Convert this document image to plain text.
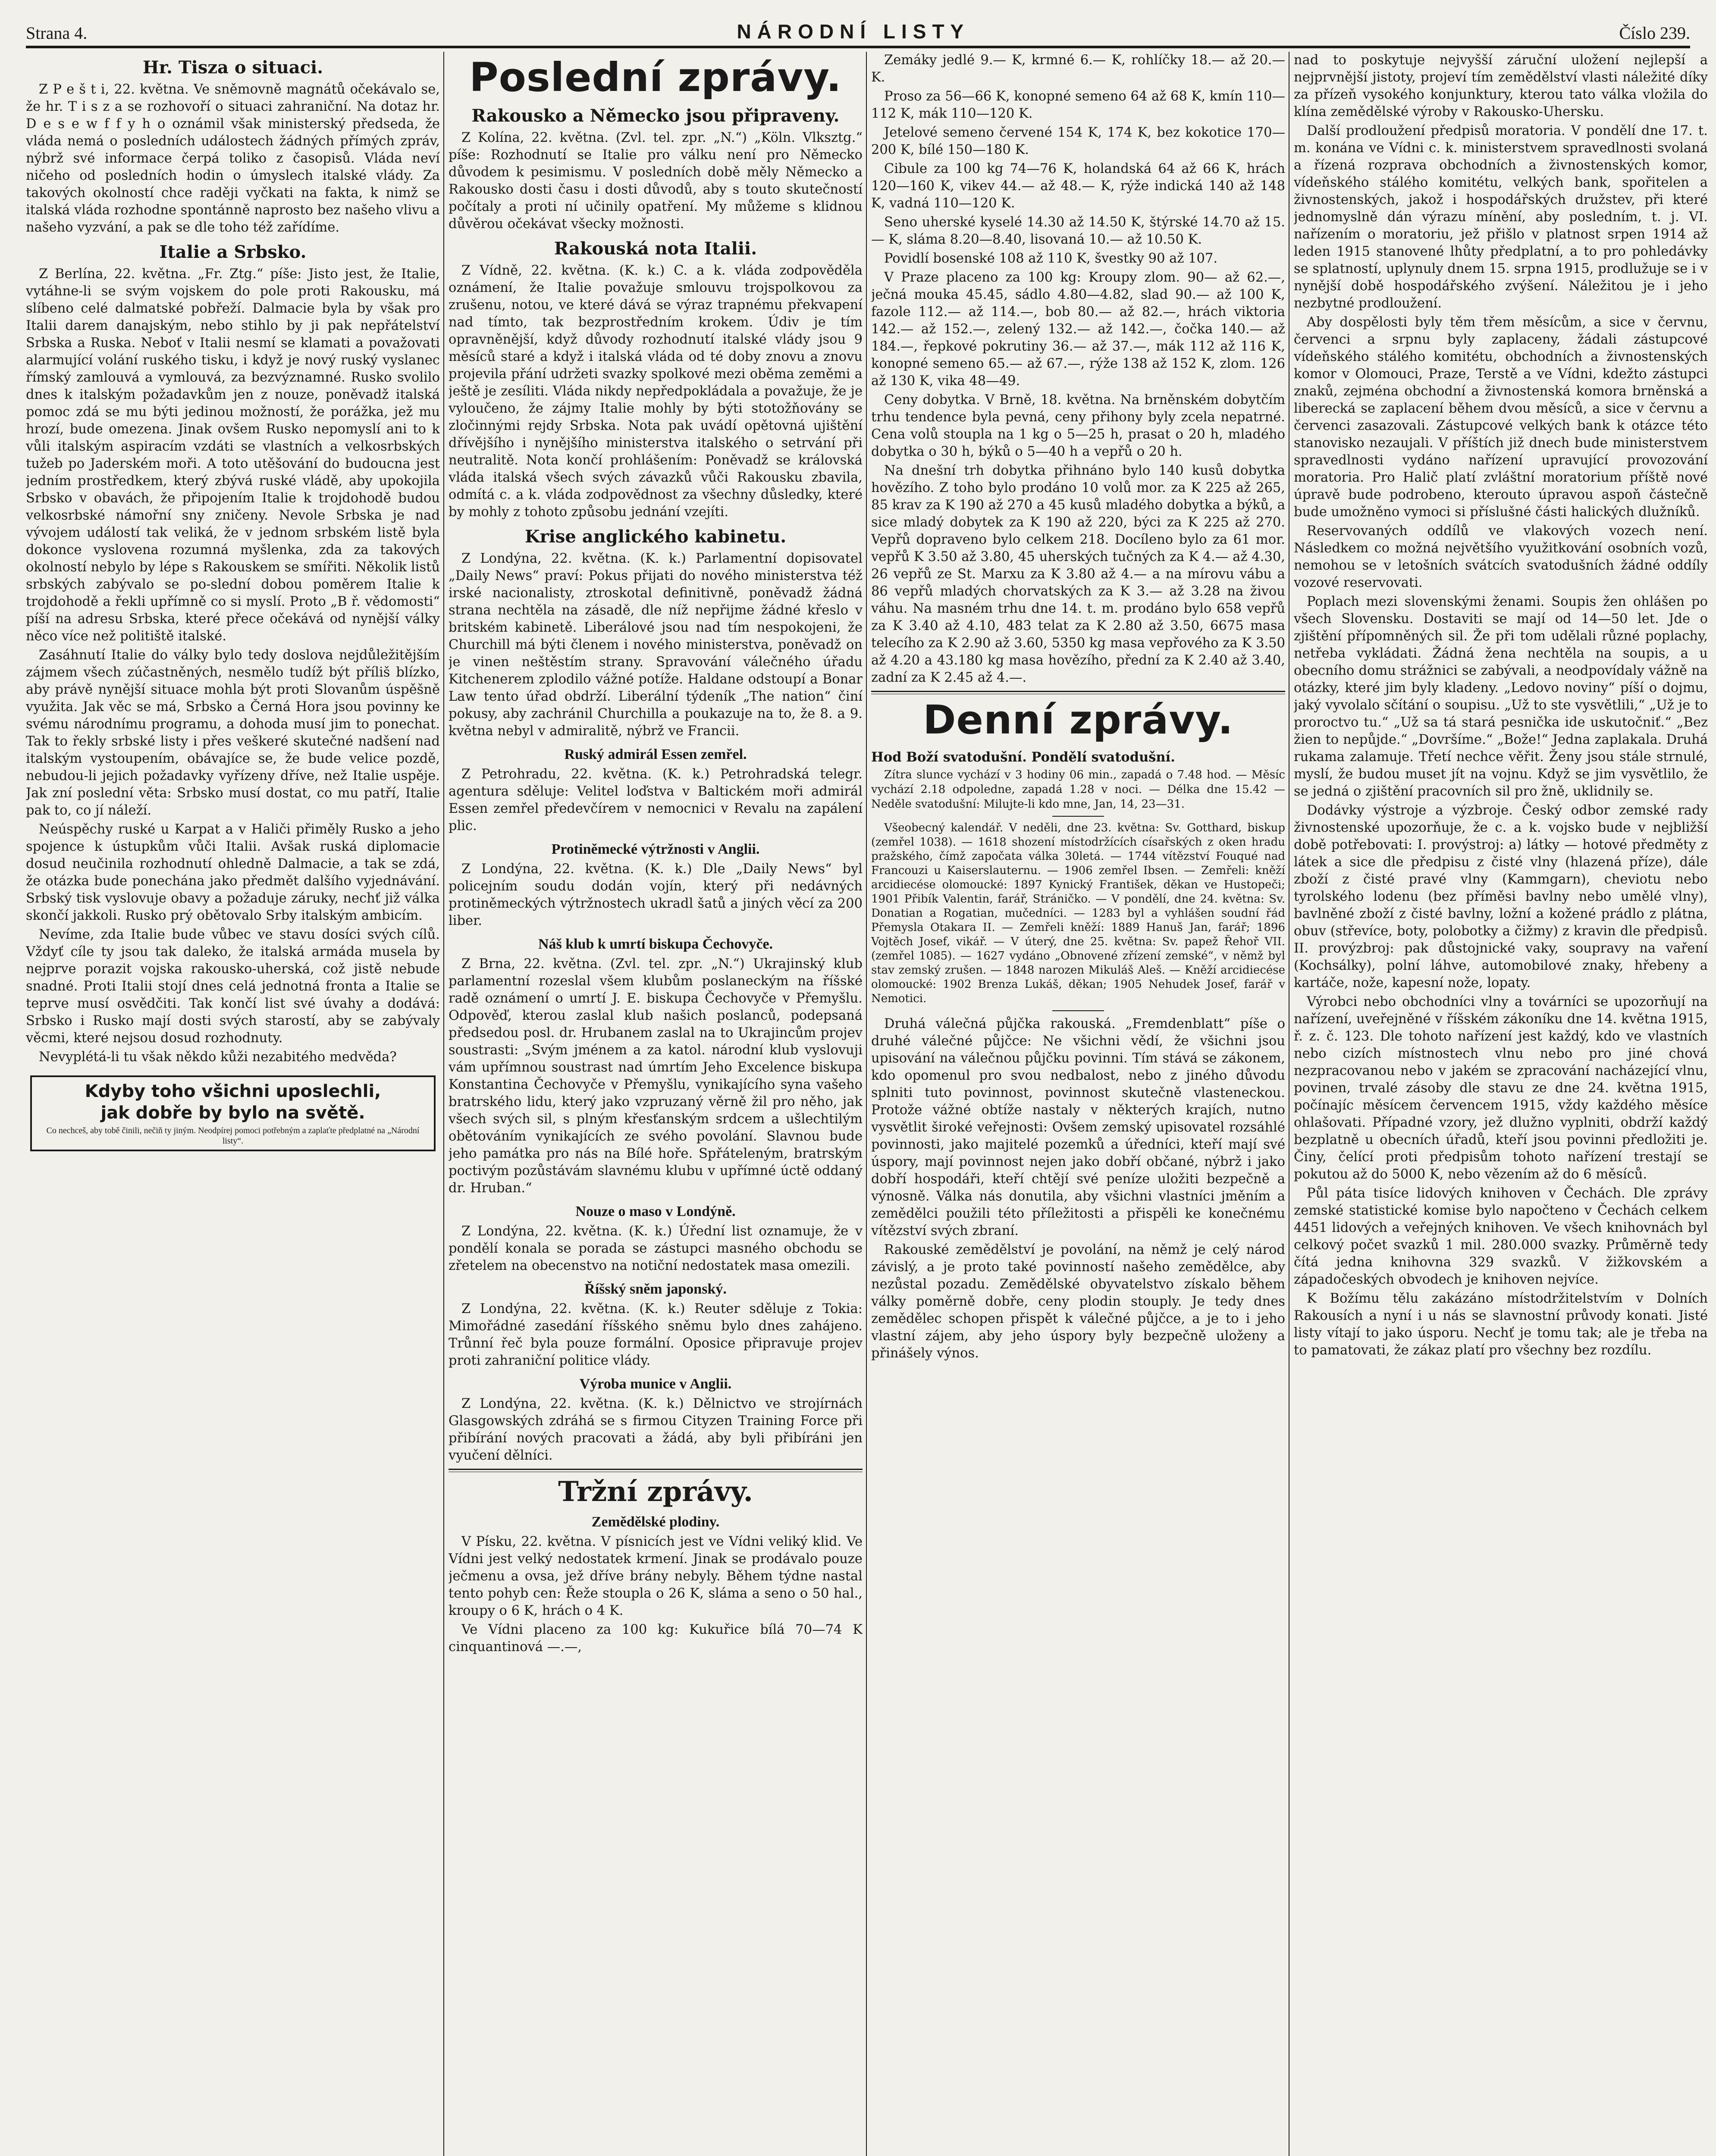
Strana 4.	NÁRODNÍ LISTY	Číslo 239.
Hr. Tisza o situaci.

Z P e š t i, 22. května. Ve sněmovně magnátů očekávalo se, že hr. T i s z a se rozhovoří o situaci zahraniční. Na dotaz hr. D e s e w f f y h o oznámil však ministerský předseda, že vláda nemá o posledních událostech žádných přímých zpráv, nýbrž své informace čerpá toliko z časopisů. Vláda neví ničeho od posledních hodin o úmyslech italské vlády. Za takových okolností chce raději vyčkati na fakta, k nimž se italská vláda rozhodne spontánně naprosto bez našeho vlivu a našeho vyzvání, a pak se dle toho též zařídíme.

Italie a Srbsko.

Z Berlína, 22. května. „Fr. Ztg.“ píše: Jisto jest, že Italie, vytáhne-li se svým vojskem do pole proti Rakousku, má slíbeno celé dalmatské pobřeží. Dalmacie byla by však pro Italii darem danajským, nebo stihlo by ji pak nepřátelství Srbska a Ruska. Neboť v Italii nesmí se klamati a považovati alarmující volání ruského tisku, i když je nový ruský vyslanec římský zamlouvá a vymlouvá, za bezvýznamné. Rusko svolilo dnes k italským požadavkům jen z nouze, poněvadž italská pomoc zdá se mu býti jedinou možností, že porážka, jež mu hrozí, bude omezena. Jinak ovšem Rusko nepomyslí ani to k vůli italským aspiracím vzdáti se vlastních a velkosrbských tužeb po Jaderském moři. A toto utěšování do budoucna jest jedním prostředkem, který zbývá ruské vládě, aby upokojila Srbsko v obavách, že připojením Italie k trojdohodě budou velkosrbské námořní sny zničeny. Nevole Srbska je nad vývojem událostí tak veliká, že v jednom srbském listě byla dokonce vyslovena rozumná myšlenka, zda za takových okolností nebylo by lépe s Rakouskem se smířiti. Několik listů srbských zabývalo se po-slední dobou poměrem Italie k trojdohodě a řekli upřímně co si myslí. Proto „B ř. vědomosti“ píší na adresu Srbska, které přece očekává od nynější války něco více než politiště italské.

Zasáhnutí Italie do války bylo tedy doslova nejdůležitějším zájmem všech zúčastněných, nesmělo tudíž být příliš blízko, aby právě nynější situace mohla být proti Slovanům úspěšně využita. Jak věc se má, Srbsko a Černá Hora jsou povinny ke svému národnímu programu, a dohoda musí jim to ponechat. Tak to řekly srbské listy i přes veškeré skutečné nadšení nad italským vystoupením, obávajíce se, že bude velice pozdě, nebudou-li jejich požadavky vyřízeny dříve, než Italie uspěje. Jak zní poslední věta: Srbsko musí dostat, co mu patří, Italie pak to, co jí náleží.

Neúspěchy ruské u Karpat a v Haliči přiměly Rusko a jeho spojence k ústupkům vůči Italii. Avšak ruská diplomacie dosud neučinila rozhodnutí ohledně Dalmacie, a tak se zdá, že otázka bude ponechána jako předmět dalšího vyjednávání. Srbský tisk vyslovuje obavy a požaduje záruky, nechť již válka skončí jakkoli. Rusko prý obětovalo Srby italským ambicím.

Nevíme, zda Italie bude vůbec ve stavu dosíci svých cílů. Vždyť cíle ty jsou tak daleko, že italská armáda musela by nejprve porazit vojska rakousko-uherská, což jistě nebude snadné. Proti Italii stojí dnes celá jednotná fronta a Italie se teprve musí osvědčiti. Tak končí list své úvahy a dodává: Srbsko i Rusko mají dosti svých starostí, aby se zabývaly věcmi, které nejsou dosud rozhodnuty.

Nevyplétá-li tu však někdo kůži nezabitého medvěda?

Kdyby toho všichni uposlechli,
jak dobře by bylo na světě.
Co nechceš, aby tobě činili, nečiň ty jiným. Neodpírej pomoci potřebným a zaplaťte předplatné na „Národní listy“.
Poslední zprávy.
Rakousko a Německo jsou připraveny.

Z Kolína, 22. května. (Zvl. tel. zpr. „N.“) „Köln. Vlksztg.“ píše: Rozhodnutí se Italie pro válku není pro Německo důvodem k pesimismu. V posledních době měly Německo a Rakousko dosti času i dosti důvodů, aby s touto skutečností počítaly a proti ní učinily opatření. My můžeme s klidnou důvěrou očekávat všecky možnosti.

Rakouská nota Italii.

Z Vídně, 22. května. (K. k.) C. a k. vláda zodpověděla oznámení, že Italie považuje smlouvu trojspolkovou za zrušenu, notou, ve které dává se výraz trapnému překvapení nad tímto, tak bezprostředním krokem. Údiv je tím opravněnější, když důvody rozhodnutí italské vlády jsou 9 měsíců staré a když i italská vláda od té doby znovu a znovu projevila přání udržeti svazky spolkové mezi oběma zeměmi a ještě je zesíliti. Vláda nikdy nepředpokládala a považuje, že je vyloučeno, že zájmy Italie mohly by býti stotožňovány se zločinnými rejdy Srbska. Nota pak uvádí opětovná ujištění dřívějšího i nynějšího ministerstva italského o setrvání při neutralitě. Nota končí prohlášením: Poněvadž se královská vláda italská všech svých závazků vůči Rakousku zbavila, odmítá c. a k. vláda zodpovědnost za všechny důsledky, které by mohly z tohoto způsobu jednání vzejíti.

Krise anglického kabinetu.

Z Londýna, 22. května. (K. k.) Parlamentní dopisovatel „Daily News“ praví: Pokus přijati do nového ministerstva též irské nacionalisty, ztroskotal definitivně, poněvadž žádná strana nechtěla na zásadě, dle níž nepřijme žádné křeslo v britském kabinetě. Liberálové jsou nad tím nespokojeni, že Churchill má býti členem i nového ministerstva, poněvadž on je vinen neštěstím strany. Spravování válečného úřadu Kitchenerem zplodilo vážné potíže. Haldane odstoupí a Bonar Law tento úřad obdrží. Liberální týdeník „The nation“ činí pokusy, aby zachránil Churchilla a poukazuje na to, že 8. a 9. května nebyl v admiralitě, nýbrž ve Francii.

Ruský admirál Essen zemřel.

Z Petrohradu, 22. května. (K. k.) Petrohradská telegr. agentura sděluje: Velitel loďstva v Baltickém moři admirál Essen zemřel předevčírem v nemocnici v Revalu na zapálení plic.

Protiněmecké výtržnosti v Anglii.

Z Londýna, 22. května. (K. k.) Dle „Daily News“ byl policejním soudu dodán vojín, který při nedávných protiněmeckých výtržnostech ukradl šatů a jiných věcí za 200 liber.

Náš klub k umrtí biskupa Čechovyče.

Z Brna, 22. května. (Zvl. tel. zpr. „N.“) Ukrajinský klub parlamentní rozeslal všem klubům poslaneckým na říšské radě oznámení o umrtí J. E. biskupa Čechovyče v Přemyšlu. Odpověď, kterou zaslal klub našich poslanců, podepsaná předsedou posl. dr. Hrubanem zaslal na to Ukrajincům projev soustrasti: „Svým jménem a za katol. národní klub vyslovuji vám upřímnou soustrast nad úmrtím Jeho Excelence biskupa Konstantina Čechovyče v Přemyšlu, vynikajícího syna vašeho bratrského lidu, který jako vzpruzaný věrně žil pro něho, jak všech svých sil, s plným křesťanským srdcem a ušlechtilým obětováním vynikajících ze svého povolání. Slavnou bude jeho památka pro nás na Bílé hoře. Spřáteleným, bratrským poctivým pozůstávám slavnému klubu v upřímné úctě oddaný dr. Hruban.“

Nouze o maso v Londýně.

Z Londýna, 22. května. (K. k.) Úřední list oznamuje, že v pondělí konala se porada se zástupci masného obchodu se zřetelem na obecenstvo na notiční nedostatek masa omezili.

Říšský sněm japonský.

Z Londýna, 22. května. (K. k.) Reuter sděluje z Tokia: Mimořádné zasedání říšského sněmu bylo dnes zahájeno. Trůnní řeč byla pouze formální. Oposice připravuje projev proti zahraniční politice vlády.

Výroba munice v Anglii.

Z Londýna, 22. května. (K. k.) Dělnictvo ve strojírnách Glasgowských zdráhá se s firmou Cityzen Training Force při přibírání nových pracovati a žádá, aby byli přibíráni jen vyučení dělníci.

Tržní zprávy.
Zemědělské plodiny.

V Písku, 22. května. V písnicích jest ve Vídni veliký klid. Ve Vídni jest velký nedostatek krmení. Jinak se prodávalo pouze ječmenu a ovsa, jež dříve brány nebyly. Během týdne nastal tento pohyb cen: Řeže stoupla o 26 K, sláma a seno o 50 hal., kroupy o 6 K, hrách o 4 K.

Ve Vídni placeno za 100 kg: Kukuřice bílá 70—74 K cinquantinová —.—,

Zemáky jedlé 9.— K, krmné 6.— K, rohlíčky 18.— až 20.— K.

Proso za 56—66 K, konopné semeno 64 až 68 K, kmín 110—112 K, mák 110—120 K.

Jetelové semeno červené 154 K, 174 K, bez kokotice 170—200 K, bílé 150—180 K.

Cibule za 100 kg 74—76 K, holandská 64 až 66 K, hrách 120—160 K, vikev 44.— až 48.— K, rýže indická 140 až 148 K, vadná 110—120 K.

Seno uherské kyselé 14.30 až 14.50 K, štýrské 14.70 až 15.— K, sláma 8.20—8.40, lisovaná 10.— až 10.50 K.

Povidlí bosenské 108 až 110 K, švestky 90 až 107.

V Praze placeno za 100 kg: Kroupy zlom. 90— až 62.—, ječná mouka 45.45, sádlo 4.80—4.82, slad 90.— až 100 K, fazole 112.— až 114.—, bob 80.— až 82.—, hrách viktoria 142.— až 152.—, zelený 132.— až 142.—, čočka 140.— až 184.—, řepkové pokrutiny 36.— až 37.—, mák 112 až 116 K, konopné semeno 65.— až 67.—, rýže 138 až 152 K, zlom. 126 až 130 K, vika 48—49.

Ceny dobytka. V Brně, 18. května. Na brněnském dobytčím trhu tendence byla pevná, ceny přihony byly zcela nepatrné. Cena volů stoupla na 1 kg o 5—25 h, prasat o 20 h, mladého dobytka o 30 h, býků o 5—40 h a vepřů o 20 h.

Na dnešní trh dobytka přihnáno bylo 140 kusů dobytka hovězího. Z toho bylo prodáno 10 volů mor. za K 225 až 265, 85 krav za K 190 až 270 a 45 kusů mladého dobytka a býků, a sice mladý dobytek za K 190 až 220, býci za K 225 až 270. Vepřů dopraveno bylo celkem 218. Docíleno bylo za 61 mor. vepřů K 3.50 až 3.80, 45 uherských tučných za K 4.— až 4.30, 26 vepřů ze St. Marxu za K 3.80 až 4.— a na mírovu vábu a 86 vepřů mladých chorvatských za K 3.— až 3.28 na živou váhu. Na masném trhu dne 14. t. m. prodáno bylo 658 vepřů za K 3.40 až 4.10, 483 telat za K 2.80 až 3.50, 6675 masa telecího za K 2.90 až 3.60, 5350 kg masa vepřového za K 3.50 až 4.20 a 43.180 kg masa hovězího, přední za K 2.40 až 3.40, zadní za K 2.45 až 4.—.

Denní zprávy.

Hod Boží svatodušní. Pondělí svatodušní.

Zítra slunce vychází v 3 hodiny 06 min., zapadá o 7.48 hod. — Měsíc vychází 2.18 odpoledne, zapadá 1.28 v noci. — Délka dne 15.42 — Neděle svatodušní: Milujte-li kdo mne, Jan, 14, 23—31.

Všeobecný kalendář. V neděli, dne 23. května: Sv. Gotthard, biskup (zemřel 1038). — 1618 shození místodržících císařských z oken hradu pražského, čímž započata válka 30letá. — 1744 vítězství Fouqué nad Francouzi u Kaiserslauternu. — 1906 zemřel Ibsen. — Zemřeli: kněží arcidiecése olomoucké: 1897 Kynický František, děkan ve Hustopeči; 1901 Přibík Valentin, farář, Stráničko. — V pondělí, dne 24. května: Sv. Donatian a Rogatian, mučedníci. — 1283 byl a vyhlášen soudní řád Přemysla Otakara II. — Zemřeli kněží: 1889 Hanuš Jan, farář; 1896 Vojtěch Josef, vikář. — V úterý, dne 25. května: Sv. papež Řehoř VII. (zemřel 1085). — 1627 vydáno „Obnovené zřízení zemské“, v němž byl stav zemský zrušen. — 1848 narozen Mikuláš Aleš. — Kněží arcidiecése olomoucké: 1902 Brenza Lukáš, děkan; 1905 Nehudek Josef, farář v Nemotici.

Druhá válečná půjčka rakouská. „Fremdenblatt“ píše o druhé válečné půjčce: Ne všichni vědí, že všichni jsou upisování na válečnou půjčku povinni. Tím stává se zákonem, kdo opomenul pro svou nedbalost, nebo z jiného důvodu splniti tuto povinnost, povinnost skutečně vlasteneckou. Protože vážné obtíže nastaly v některých krajích, nutno vysvětlit široké veřejnosti: Ovšem zemský upisovatel rozsáhlé povinnosti, jako majitelé pozemků a úředníci, kteří mají své úspory, mají povinnost nejen jako dobří občané, nýbrž i jako dobří hospodáři, kteří chtějí své peníze uložiti bezpečně a výnosně. Válka nás donutila, aby všichni vlastníci jměním a zemědělci použili této příležitosti a přispěli ke konečnému vítězství svých zbraní.

Rakouské zemědělství je povolání, na němž je celý národ závislý, a je proto také povinností našeho zemědělce, aby nezůstal pozadu. Zemědělské obyvatelstvo získalo během války poměrně dobře, ceny plodin stouply. Je tedy dnes zemědělec schopen přispět k válečné půjčce, a je to i jeho vlastní zájem, aby jeho úspory byly bezpečně uloženy a přinášely výnos.

nad to poskytuje nejvyšší záruční uložení nejlepší a nejprvnější jistoty, projeví tím zemědělství vlasti náležité díky za přízeň vysokého konjunktury, kterou tato válka vložila do klína zemědělské výroby v Rakousko-Uhersku.

Další prodloužení předpisů moratoria. V pondělí dne 17. t. m. konána ve Vídni c. k. ministerstvem spravedlnosti svolaná a řízená rozprava obchodních a živnostenských komor, vídeňského stálého komitétu, velkých bank, spořitelen a živnostenských, jakož i hospodářských družstev, při které jednomyslně dán výrazu mínění, aby posledním, t. j. VI. nařízením o moratoriu, jež přišlo v platnost srpen 1914 až leden 1915 stanovené lhůty předplatní, a to pro pohledávky se splatností, uplynuly dnem 15. srpna 1915, prodlužuje se i v nynější době hospodářského zvýšení. Náležitou je i jeho nezbytné prodloužení.

Aby dospělosti byly těm třem měsícům, a sice v červnu, červenci a srpnu byly zaplaceny, žádali zástupcové vídeňského stálého komitétu, obchodních a živnostenských komor v Olomouci, Praze, Terstě a ve Vídni, kdežto zástupci znaků, zejména obchodní a živnostenská komora brněnská a liberecká se zaplacení během dvou měsíců, a sice v červnu a červenci zasazovali. Zástupcové velkých bank k otázce této stanovisko nezaujali. V příštích již dnech bude ministerstvem spravedlnosti vydáno nařízení upravující provozování moratoria. Pro Halič platí zvláštní moratorium příště nové úpravě bude podrobeno, kterouto úpravou aspoň částečně bude umožněno vymoci si příslušné části halických dlužníků.

Reservovaných oddílů ve vlakových vozech není. Následkem co možná největšího využitkování osobních vozů, nemohou se v letošních svátcích svatodušních žádné oddíly vozové reservovati.

Poplach mezi slovenskými ženami. Soupis žen ohlášen po všech Slovensku. Dostaviti se mají od 14—50 let. Jde o zjištění přípomněných sil. Že při tom udělali různé poplachy, netřeba vykládati. Žádná žena nechtěla na soupis, a u obecního domu strážnici se zabývali, a neodpovídaly vážně na otázky, které jim byly kladeny. „Ledovo noviny“ píší o dojmu, jaký vyvolalo sčítání o soupisu. „Už to ste vysvětlili,“ „Už je to proroctvo tu.“ „Už sa tá stará pesnička ide uskutočniť.“ „Bez žien to nepůjde.“ „Dovršíme.“ „Bože!“ Jedna zaplakala. Druhá rukama zalamuje. Třetí nechce věřit. Ženy jsou stále strnulé, myslí, že budou muset jít na vojnu. Když se jim vysvětlilo, že se jedná o zjištění pracovních sil pro žně, uklidnily se.

Dodávky výstroje a výzbroje. Český odbor zemské rady živnostenské upozorňuje, že c. a k. vojsko bude v nejbližší době potřebovati: I. provýstroj: a) látky — hotové předměty z látek a sice dle předpisu z čisté vlny (hlazená příze), dále zboží z čisté pravé vlny (Kammgarn), cheviotu nebo tyrolského lodenu (bez příměsi bavlny nebo umělé vlny), bavlněné zboží z čisté bavlny, ložní a kožené prádlo z plátna, obuv (střevíce, boty, polobotky a čižmy) z kravin dle předpisů. II. provýzbroj: pak důstojnické vaky, soupravy na vaření (Kochsálky), polní láhve, automobilové znaky, hřebeny a kartáče, nože, kapesní nože, lopaty.

Výrobci nebo obchodníci vlny a továrníci se upozorňují na nařízení, uveřejněné v říšském zákoníku dne 14. května 1915, ř. z. č. 123. Dle tohoto nařízení jest každý, kdo ve vlastních nebo cizích místnostech vlnu nebo pro jiné chová nezpracovanou nebo v jakém se zpracování nacházející vlnu, povinen, trvalé zásoby dle stavu ze dne 24. května 1915, počínajíc měsícem červencem 1915, vždy každého měsíce ohlašovati. Případné vzory, jež dlužno vyplniti, obdrží každý bezplatně u obecních úřadů, kteří jsou povinni předložiti je. Činy, čelící proti předpisům tohoto nařízení trestají se pokutou až do 5000 K, nebo vězením až do 6 měsíců.

Půl páta tisíce lidových knihoven v Čechách. Dle zprávy zemské statistické komise bylo napočteno v Čechách celkem 4451 lidových a veřejných knihoven. Ve všech knihovnách byl celkový počet svazků 1 mil. 280.000 svazky. Průměrně tedy čítá jedna knihovna 329 svazků. V žižkovském a západočeských obvodech je knihoven nejvíce.

K Božímu tělu zakázáno místodržitelstvím v Dolních Rakousích a nyní i u nás se slavnostní průvody konati. Jisté listy vítají to jako úsporu. Nechť je tomu tak; ale je třeba na to pamatovati, že zákaz platí pro všechny bez rozdílu.
